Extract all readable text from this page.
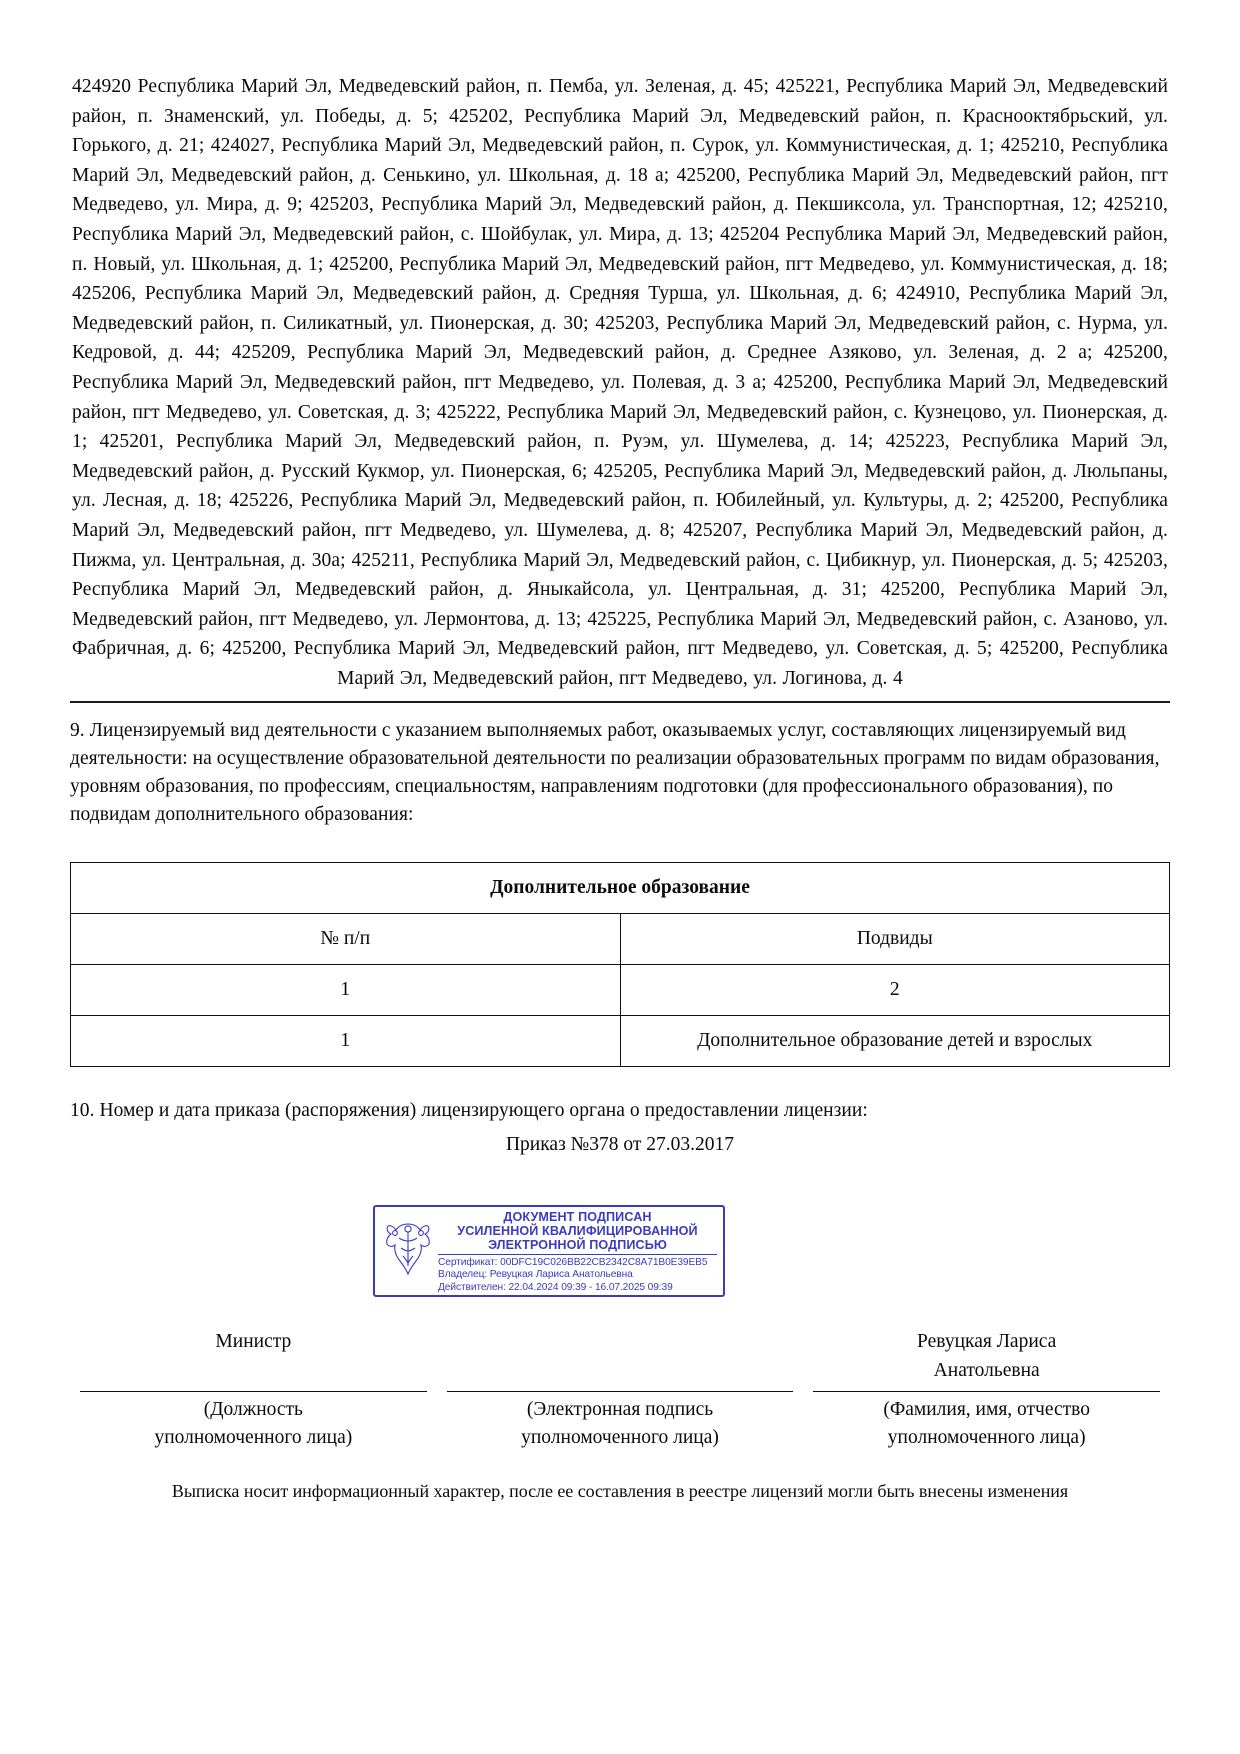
424920 Республика Марий Эл, Медведевский район, п. Пемба, ул. Зеленая, д. 45; 425221, Республика Марий Эл, Медведевский район, п. Знаменский, ул. Победы, д. 5; 425202, Республика Марий Эл, Медведевский район, п. Краснооктябрьский, ул. Горького, д. 21; 424027, Республика Марий Эл, Медведевский район, п. Сурок, ул. Коммунистическая, д. 1; 425210, Республика Марий Эл, Медведевский район, д. Сенькино, ул. Школьная, д. 18 а; 425200, Республика Марий Эл, Медведевский район, пгт Медведево, ул. Мира, д. 9; 425203, Республика Марий Эл, Медведевский район, д. Пекшиксола, ул. Транспортная, 12; 425210, Республика Марий Эл, Медведевский район, с. Шойбулак, ул. Мира, д. 13; 425204 Республика Марий Эл, Медведевский район, п. Новый, ул. Школьная, д. 1; 425200, Республика Марий Эл, Медведевский район, пгт Медведево, ул. Коммунистическая, д. 18; 425206, Республика Марий Эл, Медведевский район, д. Средняя Турша, ул. Школьная, д. 6; 424910, Республика Марий Эл, Медведевский район, п. Силикатный, ул. Пионерская, д. 30; 425203, Республика Марий Эл, Медведевский район, с. Нурма, ул. Кедровой, д. 44; 425209, Республика Марий Эл, Медведевский район, д. Среднее Азяково, ул. Зеленая, д. 2 а; 425200, Республика Марий Эл, Медведевский район, пгт Медведево, ул. Полевая, д. 3 а; 425200, Республика Марий Эл, Медведевский район, пгт Медведево, ул. Советская, д. 3; 425222, Республика Марий Эл, Медведевский район, с. Кузнецово, ул. Пионерская, д. 1; 425201, Республика Марий Эл, Медведевский район, п. Руэм, ул. Шумелева, д. 14; 425223, Республика Марий Эл, Медведевский район, д. Русский Кукмор, ул. Пионерская, 6; 425205, Республика Марий Эл, Медведевский район, д. Люльпаны, ул. Лесная, д. 18; 425226, Республика Марий Эл, Медведевский район, п. Юбилейный, ул. Культуры, д. 2; 425200, Республика Марий Эл, Медведевский район, пгт Медведево, ул. Шумелева, д. 8; 425207, Республика Марий Эл, Медведевский район, д. Пижма, ул. Центральная, д. 30а; 425211, Республика Марий Эл, Медведевский район, с. Цибикнур, ул. Пионерская, д. 5; 425203, Республика Марий Эл, Медведевский район, д. Яныкайсола, ул. Центральная, д. 31; 425200, Республика Марий Эл, Медведевский район, пгт Медведево, ул. Лермонтова, д. 13; 425225, Республика Марий Эл, Медведевский район, с. Азаново, ул. Фабричная, д. 6; 425200, Республика Марий Эл, Медведевский район, пгт Медведево, ул. Советская, д. 5; 425200, Республика Марий Эл, Медведевский район, пгт Медведево, ул. Логинова, д. 4
9. Лицензируемый вид деятельности с указанием выполняемых работ, оказываемых услуг, составляющих лицензируемый вид деятельности: на осуществление образовательной деятельности по реализации образовательных программ по видам образования, уровням образования, по профессиям, специальностям, направлениям подготовки (для профессионального образования), по подвидам дополнительного образования:
Дополнительное образование	
№ п/п	Подвиды
1	2
1	Дополнительное образование детей и взрослых
10. Номер и дата приказа (распоряжения) лицензирующего органа о предоставлении лицензии:
Приказ №378 от 27.03.2017
ДОКУМЕНТ ПОДПИСАН
УСИЛЕННОЙ КВАЛИФИЦИРОВАННОЙ
ЭЛЕКТРОННОЙ ПОДПИСЬЮ
Сертификат: 00DFC19C026BB22CB2342C8A71B0E39EB5
Владелец: Ревуцкая Лариса Анатольевна
Действителен: 22.04.2024 09:39 - 16.07.2025 09:39
Министр	Ревуцкая Лариса
Анатольевна
(Должность
уполномоченного лица)
(Электронная подпись
уполномоченного лица)
(Фамилия, имя, отчество
уполномоченного лица)
Выписка носит информационный характер, после ее составления в реестре лицензий могли быть внесены изменения
